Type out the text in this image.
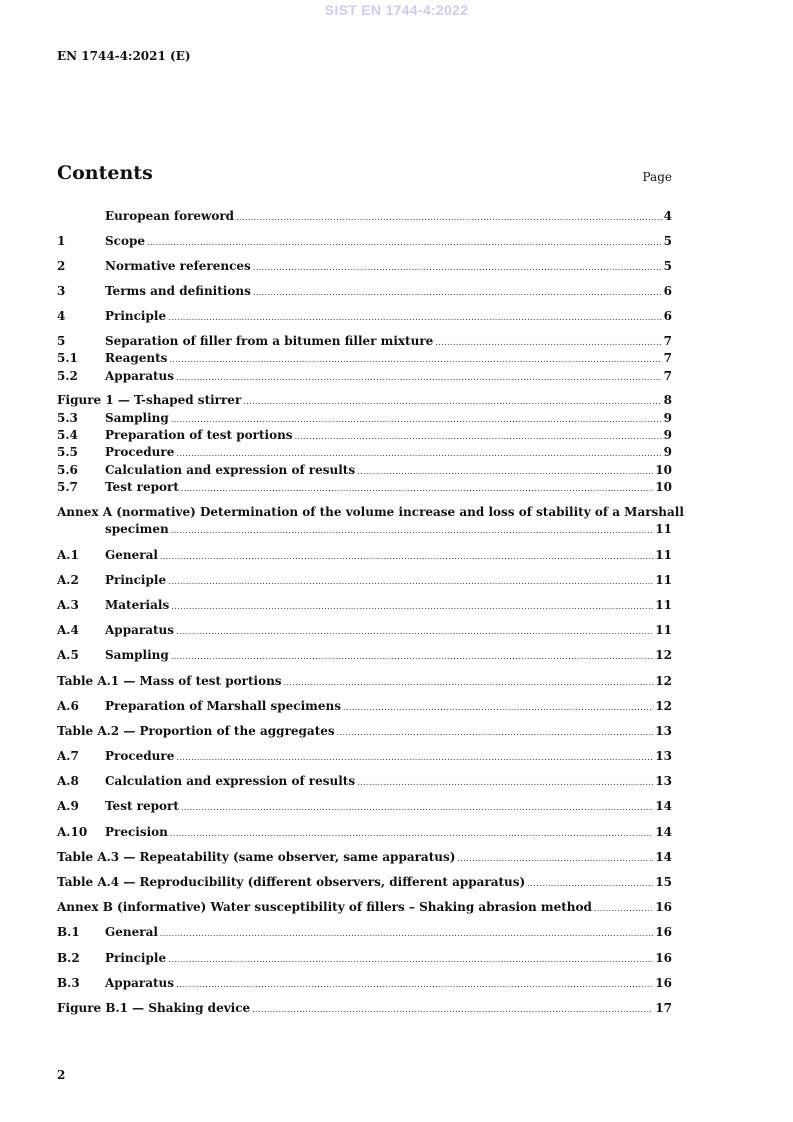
SIST EN 1744-4:2022
EN 1744-4:2021 (E)
Contents	Page
European foreword .....	4
1	Scope .....	5
2	Normative references .....	5
3	Terms and definitions .....	6
4	Principle .....	6
5	Separation of filler from a bitumen filler mixture .....	7
5.1	Reagents .....	7
5.2	Apparatus .....	7
Figure 1 — T-shaped stirrer .....	8
5.3	Sampling .....	9
5.4	Preparation of test portions .....	9
5.5	Procedure .....	9
5.6	Calculation and expression of results .....	10
5.7	Test report .....	10
Annex A (normative) Determination of the volume increase and loss of stability of a Marshall
specimen .....	11
A.1	General .....	11
A.2	Principle .....	11
A.3	Materials .....	11
A.4	Apparatus .....	11
A.5	Sampling .....	12
Table A.1 — Mass of test portions .....	12
A.6	Preparation of Marshall specimens .....	12
Table A.2 — Proportion of the aggregates .....	13
A.7	Procedure .....	13
A.8	Calculation and expression of results .....	13
A.9	Test report .....	14
A.10	Precision .....	14
Table A.3 — Repeatability (same observer, same apparatus) .....	14
Table A.4 — Reproducibility (different observers, different apparatus) .....	15
Annex B (informative) Water susceptibility of fillers – Shaking abrasion method .....	16
B.1	General .....	16
B.2	Principle .....	16
B.3	Apparatus .....	16
Figure B.1 — Shaking device .....	17
2
